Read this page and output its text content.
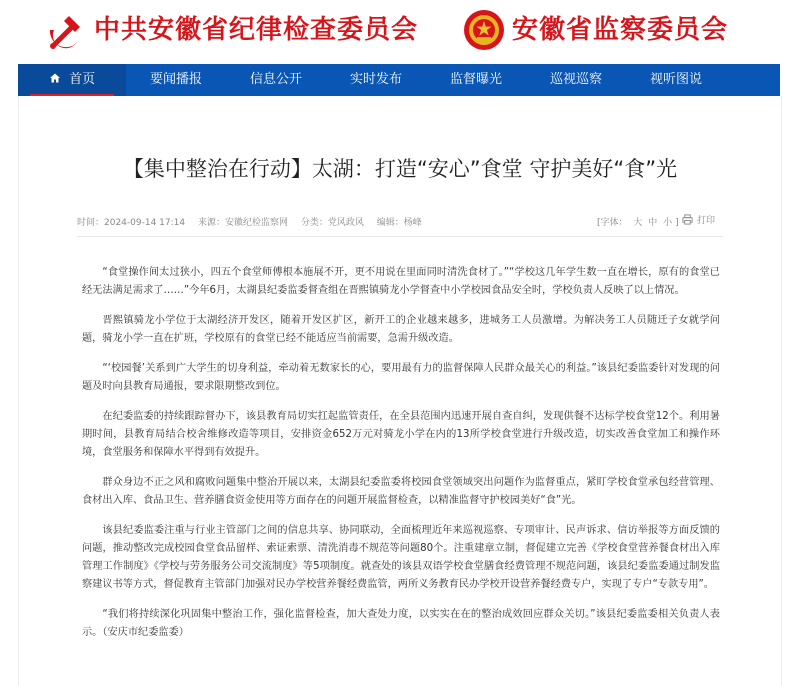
中共安徽省纪律检查委员会	安徽省监察委员会
首页	要闻播报	信息公开	实时发布	监督曝光	巡视巡察	视听图说
【集中整治在行动】太湖：打造“安心”食堂 守护美好“食”光
时间：2024-09-14 17:14 来源：安徽纪检监察网 分类：党风政风 编辑：杨峰	[字体： 大 中 小 ] 打印

“食堂操作间太过狭小，四五个食堂师傅根本施展不开，更不用说在里面同时清洗食材了。”“学校这几年学生数一直在增长，原有的食堂已经无法满足需求了……”今年6月，太湖县纪委监委督查组在晋熙镇骑龙小学督查中小学校园食品安全时，学校负责人反映了以上情况。

晋熙镇骑龙小学位于太湖经济开发区，随着开发区扩区，新开工的企业越来越多，进城务工人员激增。为解决务工人员随迁子女就学问题，骑龙小学一直在扩班，学校原有的食堂已经不能适应当前需要，急需升级改造。

“‘校园餐’关系到广大学生的切身利益，牵动着无数家长的心，要用最有力的监督保障人民群众最关心的利益。”该县纪委监委针对发现的问题及时向县教育局通报，要求限期整改到位。

在纪委监委的持续跟踪督办下，该县教育局切实扛起监管责任，在全县范围内迅速开展自查自纠，发现供餐不达标学校食堂12个。利用暑期时间，县教育局结合校舍维修改造等项目，安排资金652万元对骑龙小学在内的13所学校食堂进行升级改造，切实改善食堂加工和操作环境，食堂服务和保障水平得到有效提升。

群众身边不正之风和腐败问题集中整治开展以来，太湖县纪委监委将校园食堂领域突出问题作为监督重点，紧盯学校食堂承包经营管理、食材出入库、食品卫生、营养膳食资金使用等方面存在的问题开展监督检查，以精准监督守护校园美好“食”光。

该县纪委监委注重与行业主管部门之间的信息共享、协同联动，全面梳理近年来巡视巡察、专项审计、民声诉求、信访举报等方面反馈的问题，推动整改完成校园食堂食品留样、索证索票、清洗消毒不规范等问题80个。注重建章立制，督促建立完善《学校食堂营养餐食材出入库管理工作制度》《学校与劳务服务公司交流制度》等5项制度。就查处的该县双语学校食堂膳食经费管理不规范问题，该县纪委监委通过制发监察建议书等方式，督促教育主管部门加强对民办学校营养餐经费监管，两所义务教育民办学校开设营养餐经费专户，实现了专户“专款专用”。

“我们将持续深化巩固集中整治工作，强化监督检查，加大查处力度，以实实在在的整治成效回应群众关切。”该县纪委监委相关负责人表示。（安庆市纪委监委）
